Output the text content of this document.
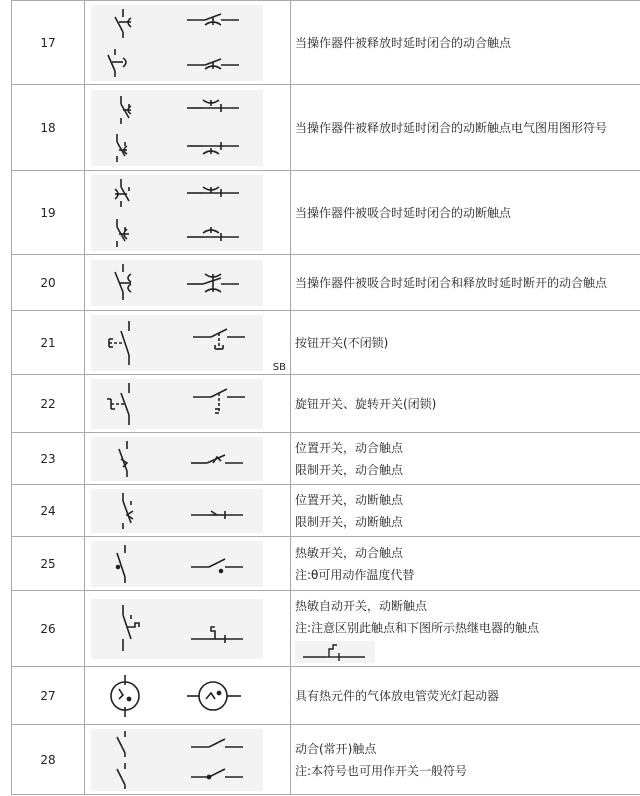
17		当操作器件被释放时延时闭合的动合触点
18		当操作器件被释放时延时闭合的动断触点电气图用图形符号
19		当操作器件被吸合时延时闭合的动断触点
20		当操作器件被吸合时延时闭合和释放时延时断开的动合触点
21	SB	按钮开关(不闭锁)
22		旋钮开关、旋转开关(闭锁)
23		位置开关，动合触点
限制开关，动合触点

24		位置开关，动断触点
限制开关，动断触点

25		热敏开关，动合触点
注:θ可用动作温度代替

26		热敏自动开关，动断触点
注:注意区别此触点和下图所示热继电器的触点

27		具有热元件的气体放电管荧光灯起动器
28		动合(常开)触点
注:本符号也可用作开关一般符号
